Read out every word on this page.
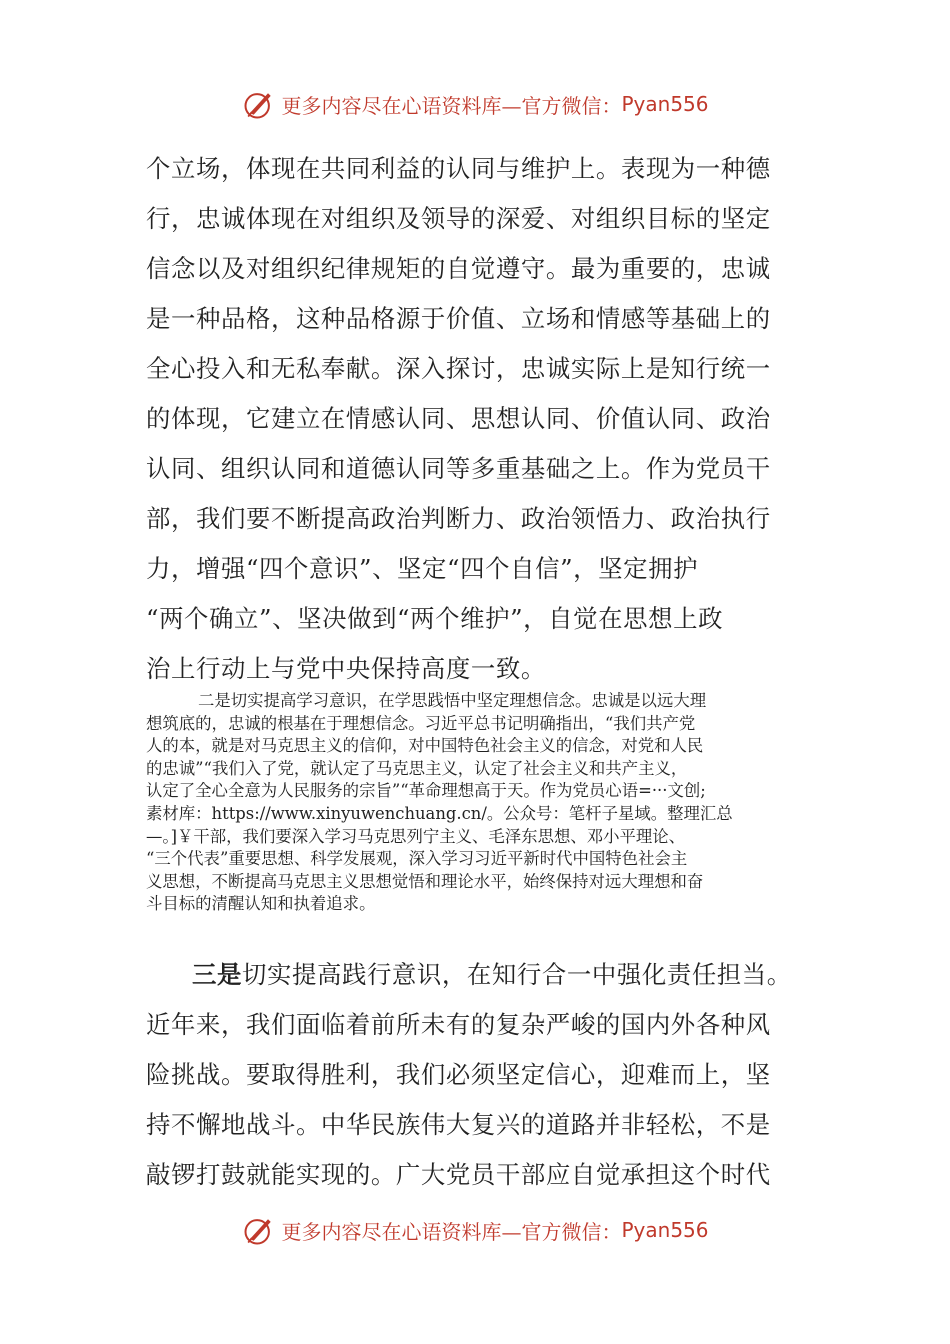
更多内容尽在心语资料库—官方微信： Pyan556
个立场，体现在共同利益的认同与维护上。表现为一种德
行，忠诚体现在对组织及领导的深爱、对组织目标的坚定
信念以及对组织纪律规矩的自觉遵守。最为重要的，忠诚
是一种品格，这种品格源于价值、立场和情感等基础上的
全心投入和无私奉献。深入探讨，忠诚实际上是知行统一
的体现，它建立在情感认同、思想认同、价值认同、政治
认同、组织认同和道德认同等多重基础之上。作为党员干
部，我们要不断提高政治判断力、政治领悟力、政治执行
力，增强“四个意识”、坚定“四个自信”，坚定拥护
“两个确立”、坚决做到“两个维护”，自觉在思想上政
治上行动上与党中央保持高度一致。
二是切实提高学习意识，在学思践悟中坚定理想信念。忠诚是以远大理
想筑底的，忠诚的根基在于理想信念。习近平总书记明确指出，“我们共产党
人的本，就是对马克思主义的信仰，对中国特色社会主义的信念，对党和人民
的忠诚”“我们入了党，就认定了马克思主义，认定了社会主义和共产主义，
认定了全心全意为人民服务的宗旨”“革命理想高于天。作为党员心语=···文创;
素材库：https://www.xinyuwenchuang.cn/。公众号：笔杆子星域。整理汇总
—。]￥干部，我们要深入学习马克思列宁主义、毛泽东思想、邓小平理论、
“三个代表”重要思想、科学发展观，深入学习习近平新时代中国特色社会主
义思想，不断提高马克思主义思想觉悟和理论水平，始终保持对远大理想和奋
斗目标的清醒认知和执着追求。
三是切实提高践行意识，在知行合一中强化责任担当。
近年来，我们面临着前所未有的复杂严峻的国内外各种风
险挑战。要取得胜利，我们必须坚定信心，迎难而上，坚
持不懈地战斗。中华民族伟大复兴的道路并非轻松，不是
敲锣打鼓就能实现的。广大党员干部应自觉承担这个时代
更多内容尽在心语资料库—官方微信： Pyan556
